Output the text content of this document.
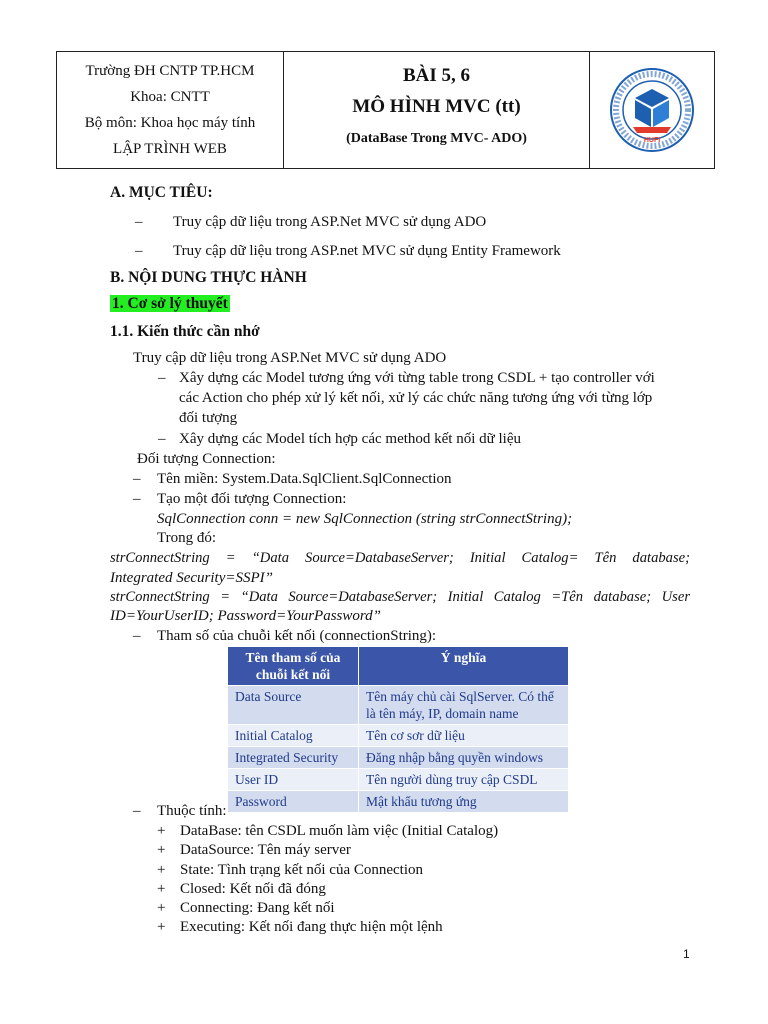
Trường ĐH CNTP TP.HCM
Khoa: CNTT
Bộ môn: Khoa học máy tính
LẬP TRÌNH WEB
BÀI 5, 6
MÔ HÌNH MVC (tt)
(DataBase Trong MVC- ADO)	HUFI
A. MỤC TIÊU:
– Truy cập dữ liệu trong ASP.Net MVC sử dụng ADO
– Truy cập dữ liệu trong ASP.net MVC sử dụng Entity Framework
B. NỘI DUNG THỰC HÀNH
1. Cơ sở lý thuyết
1.1. Kiến thức cần nhớ
Truy cập dữ liệu trong ASP.Net MVC sử dụng ADO
– Xây dựng các Model tương ứng với từng table trong CSDL + tạo controller với
các Action cho phép xử lý kết nối, xử lý các chức năng tương ứng với từng lớp
đối tượng
– Xây dựng các Model tích hợp các method kết nối dữ liệu
Đối tượng Connection:
– Tên miền: System.Data.SqlClient.SqlConnection
– Tạo một đối tượng Connection:
SqlConnection conn = new SqlConnection (string strConnectString);
Trong đó:
strConnectString = “Data Source=DatabaseServer; Initial Catalog= Tên database;
Integrated Security=SSPI”
strConnectString = “Data Source=DatabaseServer; Initial Catalog =Tên database; User
ID=YourUserID; Password=YourPassword”
– Tham số của chuỗi kết nối (connectionString):
Tên tham số của chuỗi kết nối	Ý nghĩa
Data Source	Tên máy chủ cài SqlServer. Có thể là tên máy, IP, domain name
Initial Catalog	Tên cơ sơr dữ liệu
Integrated Security	Đăng nhập bằng quyền windows
User ID	Tên người dùng truy cập CSDL
Password	Mật khẩu tương ứng
– Thuộc tính:
+ DataBase: tên CSDL muốn làm việc (Initial Catalog)
+ DataSource: Tên máy server
+ State: Tình trạng kết nối của Connection
+ Closed: Kết nối đã đóng
+ Connecting: Đang kết nối
+ Executing: Kết nối đang thực hiện một lệnh
1
